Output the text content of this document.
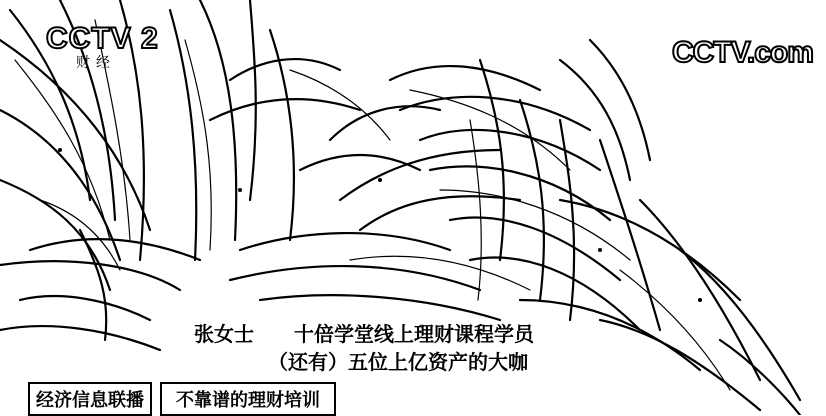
CCTV 2
财经	CCTV.com
张女士 十倍学堂线上理财课程学员
（还有）五位上亿资产的大咖
经济信息联播	不靠谱的理财培训
